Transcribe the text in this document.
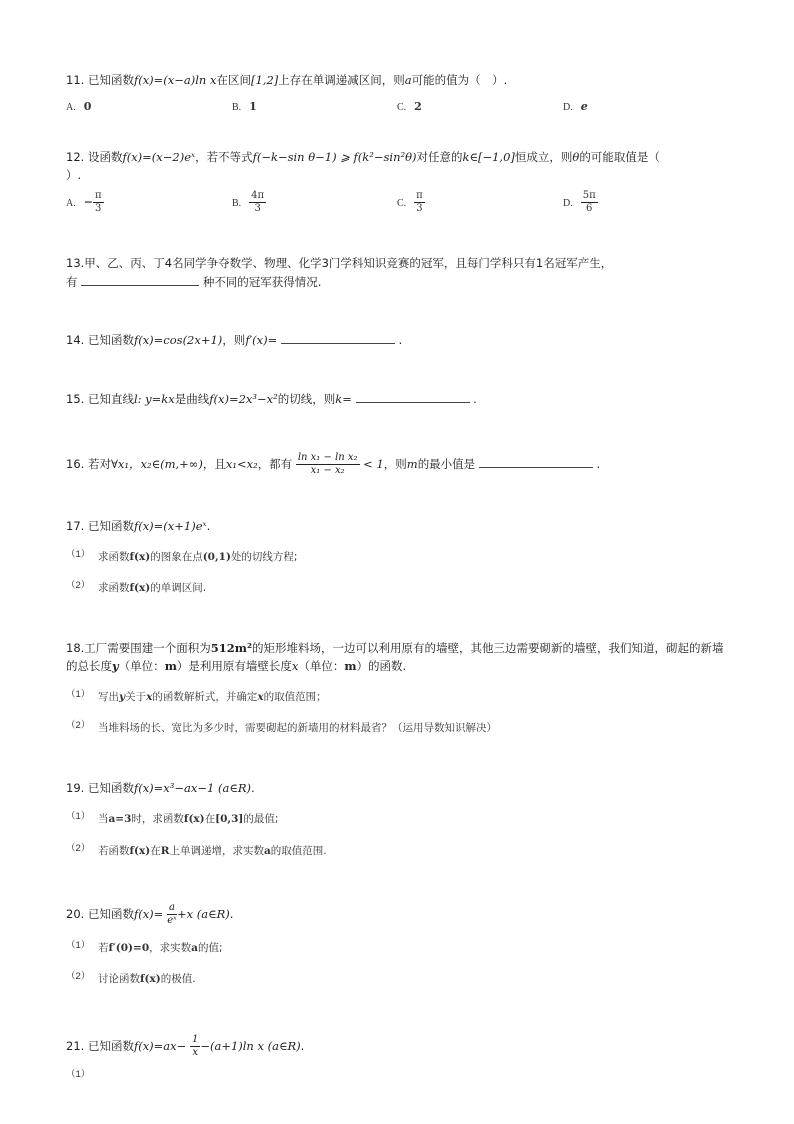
11. 已知函数f(x)=(x−a)ln x在区间[1,2]上存在单调递减区间，则a可能的值为（　）.
A. 0	B. 1	C. 2	D. e
12. 设函数f(x)=(x−2)eˣ，若不等式f(−k−sin θ−1) ⩾ f(k²−sin²θ)对任意的k∈[−1,0]恒成立，则θ的可能取值是（
）.
A. − $\frac{\pi}{3}$	B. $\frac{4\pi}{3}$	C. $\frac{\pi}{3}$	D. $\frac{5\pi}{6}$
13.甲、乙、丙、丁4名同学争夺数学、物理、化学3门学科知识竞赛的冠军，且每门学科只有1名冠军产生，
有	种不同的冠军获得情况.
14. 已知函数f(x)=cos(2x+1)，则f′(x)=	.
15. 已知直线l: y=kx是曲线f(x)=2x³−x²的切线，则k=	.
16. 若对∀x₁，x₂∈(m,+∞)，且x₁<x₂，都有 $\frac{\text{ln x₁ − ln x₂}}{\text{x₁ − x₂}} < 1$，则m的最小值是	.
17. 已知函数f(x)=(x+1)eˣ.
（1） 求函数f(x)的图象在点(0,1)处的切线方程;
（2） 求函数f(x)的单调区间.
18.工厂需要围建一个面积为512m²的矩形堆料场，一边可以利用原有的墙壁，其他三边需要砌新的墙壁，我们知道，砌起的新墙
的总长度y（单位：m）是利用原有墙壁长度x（单位：m）的函数.
（1） 写出y关于x的函数解析式，并确定x的取值范围；
（2） 当堆料场的长、宽比为多少时，需要砌起的新墙用的材料最省？（运用导数知识解决）
19. 已知函数f(x)=x³−ax−1 (a∈R).
（1） 当a=3时，求函数f(x)在[0,3]的最值;
（2） 若函数f(x)在R上单调递增，求实数a的取值范围.
20. 已知函数$f(x)= \frac{a}{\text{eˣ}} +x$ (a∈R).
（1） 若f′(0)=0，求实数a的值;
（2） 讨论函数f(x)的极值.
21. 已知函数$f(x)=ax- \frac{1}{x} -(a+1)\ln$ x (a∈R).
（1）
